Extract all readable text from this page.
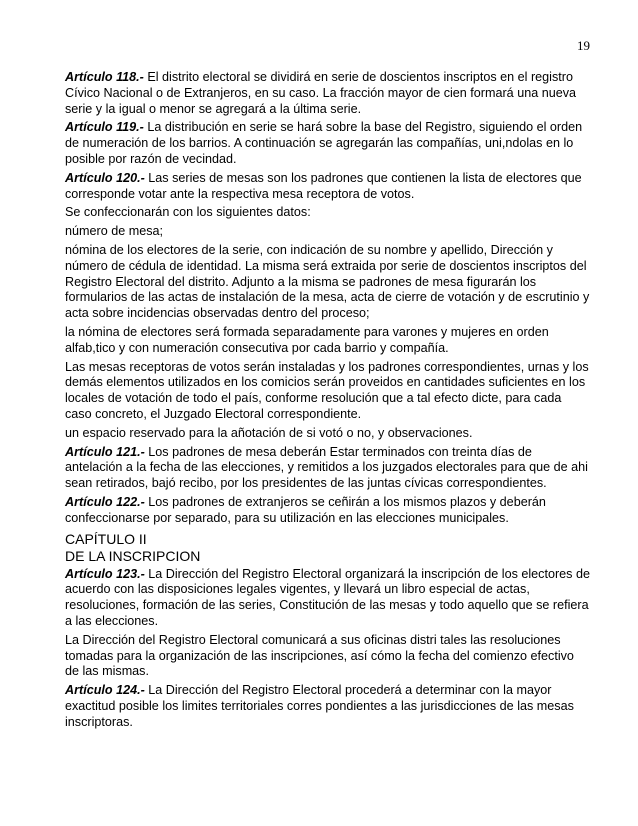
19

Artículo 118.- El distrito electoral se dividirá en serie de doscientos inscriptos en el registro Cívico Nacional o de Extranjeros, en su caso. La fracción mayor de cien formará una nueva serie y la igual o menor se agregará a la última serie.

Artículo 119.- La distribución en serie se hará sobre la base del Registro, siguiendo el orden de numeración de los barrios. A continuación se agregarán las compañías, uni,ndolas en lo posible por razón de vecindad.

Artículo 120.- Las series de mesas son los padrones que contienen la lista de electores que corresponde votar ante la respectiva mesa receptora de votos.

Se confeccionarán con los siguientes datos:

número de mesa;

nómina de los electores de la serie, con indicación de su nombre y apellido, Dirección y número de cédula de identidad. La misma será extraida por serie de doscientos inscriptos del Registro Electoral del distrito. Adjunto a la misma se padrones de mesa figurarán los formularios de las actas de instalación de la mesa, acta de cierre de votación y de escrutinio y acta sobre incidencias observadas dentro del proceso;

la nómina de electores será formada separadamente para varones y mujeres en orden alfab,tico y con numeración consecutiva por cada barrio y compañía.

Las mesas receptoras de votos serán instaladas y los padrones correspondientes, urnas y los demás elementos utilizados en los comicios serán proveidos en cantidades suficientes en los locales de votación de todo el país, conforme resolución que a tal efecto dicte, para cada caso concreto, el Juzgado Electoral correspondiente.

un espacio reservado para la añotación de si votó o no, y observaciones.

Artículo 121.- Los padrones de mesa deberán Estar terminados con treinta días de antelación a la fecha de las elecciones, y remitidos a los juzgados electorales para que de ahi sean retirados, bajó recibo, por los presidentes de las juntas cívicas correspondientes.

Artículo 122.- Los padrones de extranjeros se ceñirán a los mismos plazos y deberán confeccionarse por separado, para su utilización en las elecciones municipales.

CAPÍTULO II
DE LA INSCRIPCION

Artículo 123.- La Dirección del Registro Electoral organizará la inscripción de los electores de acuerdo con las disposiciones legales vigentes, y llevará un libro especial de actas, resoluciones, formación de las series, Constitución de las mesas y todo aquello que se refiera a las elecciones.

La Dirección del Registro Electoral comunicará a sus oficinas distri tales las resoluciones tomadas para la organización de las inscripciones, así cómo la fecha del comienzo efectivo de las mismas.

Artículo 124.- La Dirección del Registro Electoral procederá a determinar con la mayor exactitud posible los limites territoriales corres pondientes a las jurisdicciones de las mesas inscriptoras.
